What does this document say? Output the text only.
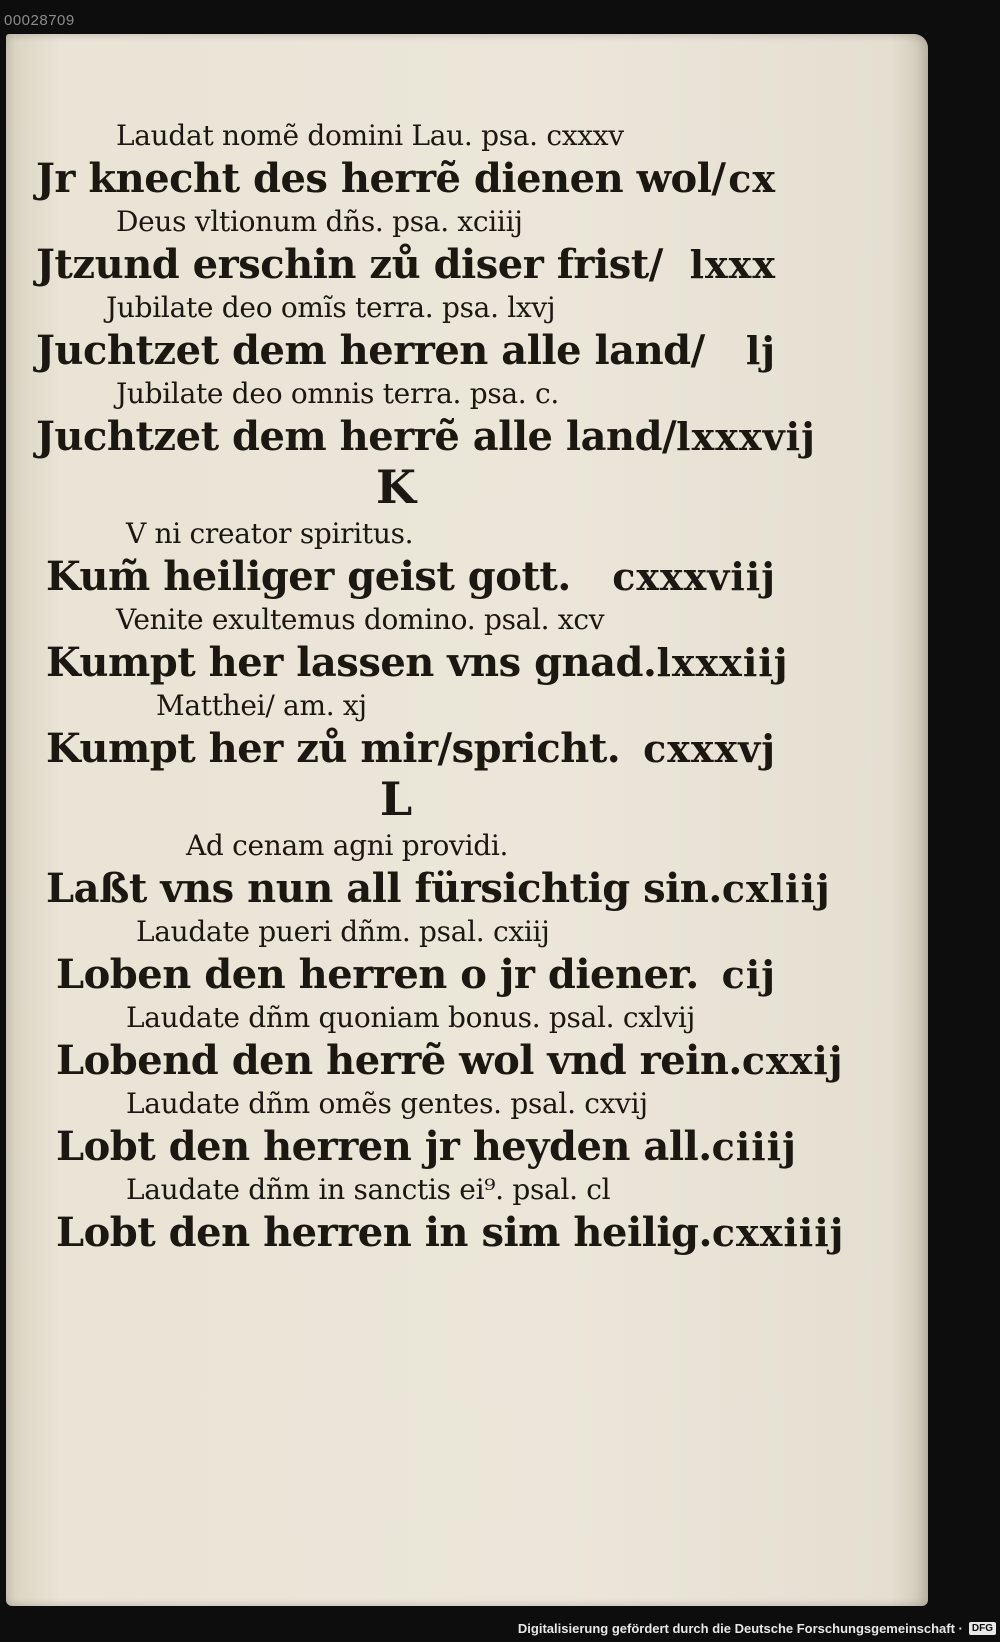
00028709
Laudat nomẽ domini Lau. psa. cxxxv
Jr knecht des herrẽ dienen wol/ cx
Deus vltionum dñs. psa. xciiij
Jtzund erschin zů diser frist/ lxxx
Jubilate deo omĩs terra. psa. lxvj
Juchtzet dem herren alle land/ lj
Jubilate deo omnis terra. psa. c.
Juchtzet dem herrẽ alle land/ lxxxvij
K
V ni creator spiritus.
Kum̃ heiliger geist gott. cxxxviij
Venite exultemus domino. psal. xcv
Kumpt her lassen vns gnad. lxxxiij
Matthei/ am. xj
Kumpt her zů mir/spricht. cxxxvj
L
Ad cenam agni providi.
Laßt vns nun all fürsichtig sin. cxliij
Laudate pueri dñm. psal. cxiij
Loben den herren o jr diener. cij
Laudate dñm quoniam bonus. psal. cxlvij
Lobend den herrẽ wol vnd rein. cxxij
Laudate dñm omẽs gentes. psal. cxvij
Lobt den herren jr heyden all. ciiij
Laudate dñm in sanctis ei⁹. psal. cl
Lobt den herren in sim heilig. cxxiiij
Digitalisierung gefördert durch die Deutsche Forschungsgemeinschaft · DFG
